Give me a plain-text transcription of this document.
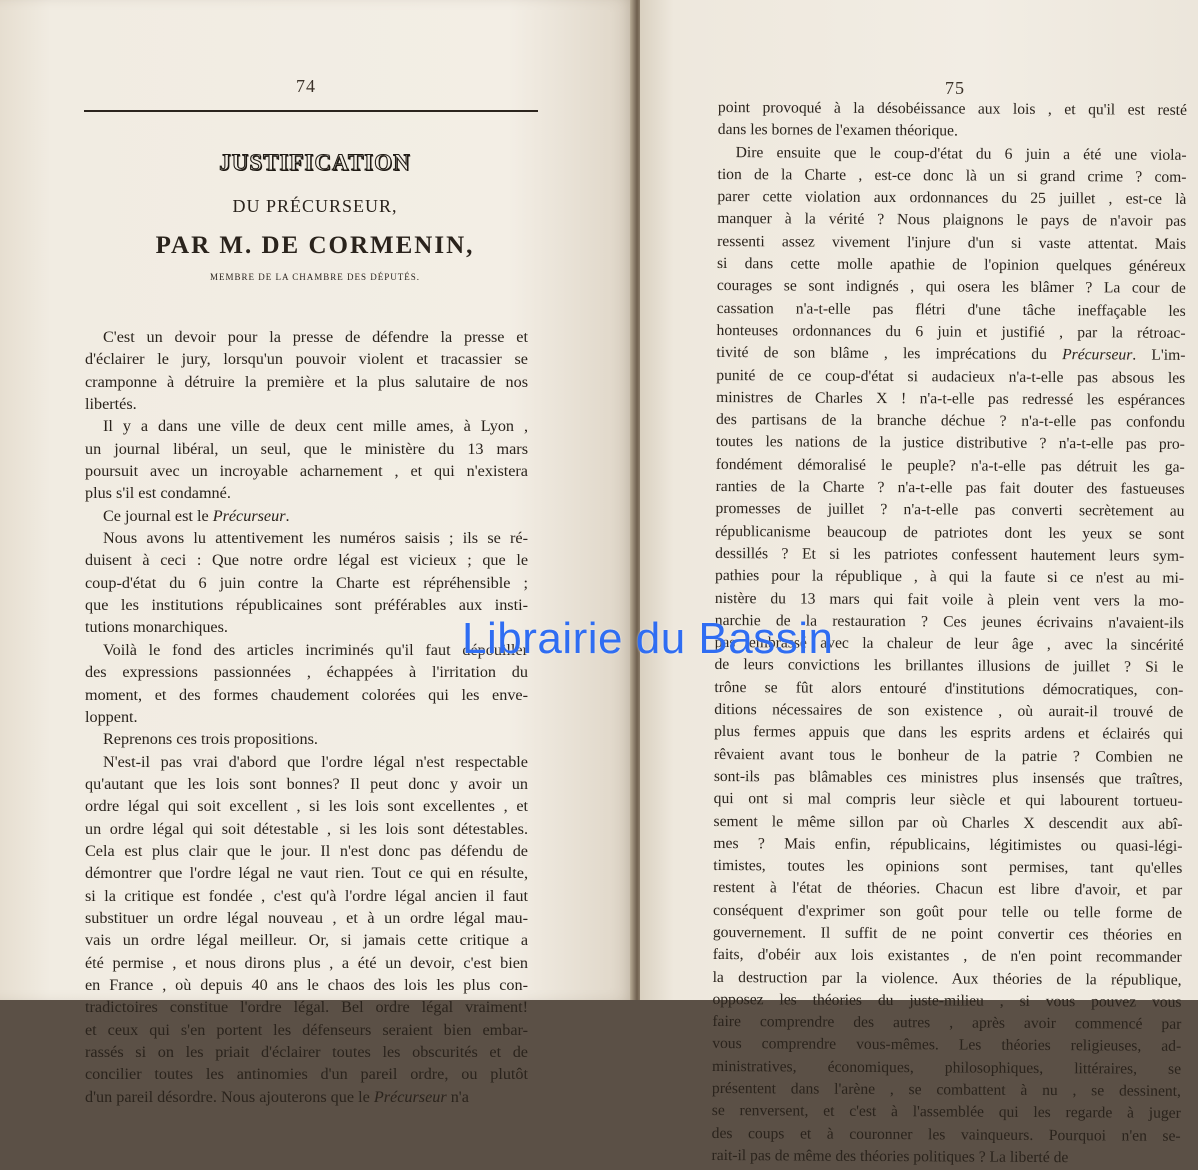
74
JUSTIFICATION
DU PRÉCURSEUR,
PAR M. DE CORMENIN,
MEMBRE DE LA CHAMBRE DES DÉPUTÉS.
C'est un devoir pour la presse de défendre la presse et
d'éclairer le jury, lorsqu'un pouvoir violent et tracassier se
cramponne à détruire la première et la plus salutaire de nos
libertés.
Il y a dans une ville de deux cent mille ames, à Lyon ,
un journal libéral, un seul, que le ministère du 13 mars
poursuit avec un incroyable acharnement , et qui n'existera
plus s'il est condamné.
Ce journal est le Précurseur.
Nous avons lu attentivement les numéros saisis ; ils se ré-
duisent à ceci : Que notre ordre légal est vicieux ; que le
coup-d'état du 6 juin contre la Charte est répréhensible ;
que les institutions républicaines sont préférables aux insti-
tutions monarchiques.
Voilà le fond des articles incriminés qu'il faut dépouiller
des expressions passionnées , échappées à l'irritation du
moment, et des formes chaudement colorées qui les enve-
loppent.
Reprenons ces trois propositions.
N'est-il pas vrai d'abord que l'ordre légal n'est respectable
qu'autant que les lois sont bonnes? Il peut donc y avoir un
ordre légal qui soit excellent , si les lois sont excellentes , et
un ordre légal qui soit détestable , si les lois sont détestables.
Cela est plus clair que le jour. Il n'est donc pas défendu de
démontrer que l'ordre légal ne vaut rien. Tout ce qui en résulte,
si la critique est fondée , c'est qu'à l'ordre légal ancien il faut
substituer un ordre légal nouveau , et à un ordre légal mau-
vais un ordre légal meilleur. Or, si jamais cette critique a
été permise , et nous dirons plus , a été un devoir, c'est bien
en France , où depuis 40 ans le chaos des lois les plus con-
tradictoires constitue l'ordre légal. Bel ordre légal vraiment!
et ceux qui s'en portent les défenseurs seraient bien embar-
rassés si on les priait d'éclairer toutes les obscurités et de
concilier toutes les antinomies d'un pareil ordre, ou plutôt
d'un pareil désordre. Nous ajouterons que le Précurseur n'a
75
point provoqué à la désobéissance aux lois , et qu'il est resté
dans les bornes de l'examen théorique.
Dire ensuite que le coup-d'état du 6 juin a été une viola-
tion de la Charte , est-ce donc là un si grand crime ? com-
parer cette violation aux ordonnances du 25 juillet , est-ce là
manquer à la vérité ? Nous plaignons le pays de n'avoir pas
ressenti assez vivement l'injure d'un si vaste attentat. Mais
si dans cette molle apathie de l'opinion quelques généreux
courages se sont indignés , qui osera les blâmer ? La cour de
cassation n'a-t-elle pas flétri d'une tâche ineffaçable les
honteuses ordonnances du 6 juin et justifié , par la rétroac-
tivité de son blâme , les imprécations du Précurseur. L'im-
punité de ce coup-d'état si audacieux n'a-t-elle pas absous les
ministres de Charles X ! n'a-t-elle pas redressé les espérances
des partisans de la branche déchue ? n'a-t-elle pas confondu
toutes les nations de la justice distributive ? n'a-t-elle pas pro-
fondément démoralisé le peuple? n'a-t-elle pas détruit les ga-
ranties de la Charte ? n'a-t-elle pas fait douter des fastueuses
promesses de juillet ? n'a-t-elle pas converti secrètement au
républicanisme beaucoup de patriotes dont les yeux se sont
dessillés ? Et si les patriotes confessent hautement leurs sym-
pathies pour la république , à qui la faute si ce n'est au mi-
nistère du 13 mars qui fait voile à plein vent vers la mo-
narchie de la restauration ? Ces jeunes écrivains n'avaient-ils
pas embrassé avec la chaleur de leur âge , avec la sincérité
de leurs convictions les brillantes illusions de juillet ? Si le
trône se fût alors entouré d'institutions démocratiques, con-
ditions nécessaires de son existence , où aurait-il trouvé de
plus fermes appuis que dans les esprits ardens et éclairés qui
rêvaient avant tous le bonheur de la patrie ? Combien ne
sont-ils pas blâmables ces ministres plus insensés que traîtres,
qui ont si mal compris leur siècle et qui labourent tortueu-
sement le même sillon par où Charles X descendit aux abî-
mes ? Mais enfin, républicains, légitimistes ou quasi-légi-
timistes, toutes les opinions sont permises, tant qu'elles
restent à l'état de théories. Chacun est libre d'avoir, et par
conséquent d'exprimer son goût pour telle ou telle forme de
gouvernement. Il suffit de ne point convertir ces théories en
faits, d'obéir aux lois existantes , de n'en point recommander
la destruction par la violence. Aux théories de la république,
opposez les théories du juste-milieu , si vous pouvez vous
faire comprendre des autres , après avoir commencé par
vous comprendre vous-mêmes. Les théories religieuses, ad-
ministratives, économiques, philosophiques, littéraires, se
présentent dans l'arène , se combattent à nu , se dessinent,
se renversent, et c'est à l'assemblée qui les regarde à juger
des coups et à couronner les vainqueurs. Pourquoi n'en se-
rait-il pas de même des théories politiques ? La liberté de
Librairie du Bassin
